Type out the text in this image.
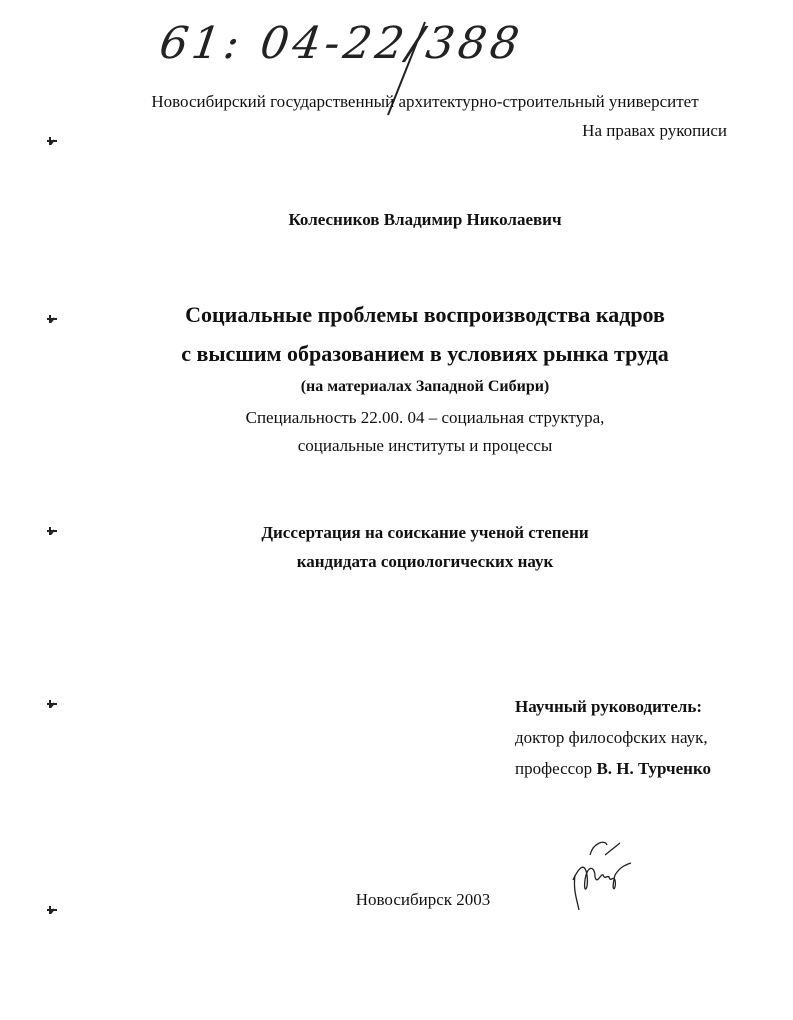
61: 04-22/388
Новосибирский государственный архитектурно-строительный университет
На правах рукописи
Колесников Владимир Николаевич
Социальные проблемы воспроизводства кадров
с высшим образованием в условиях рынка труда
(на материалах Западной Сибири)
Специальность 22.00. 04 – социальная структура,
социальные институты и процессы
Диссертация на соискание ученой степени
кандидата социологических наук
Научный руководитель:
доктор философских наук,
профессор В. Н. Турченко
Новосибирск 2003
